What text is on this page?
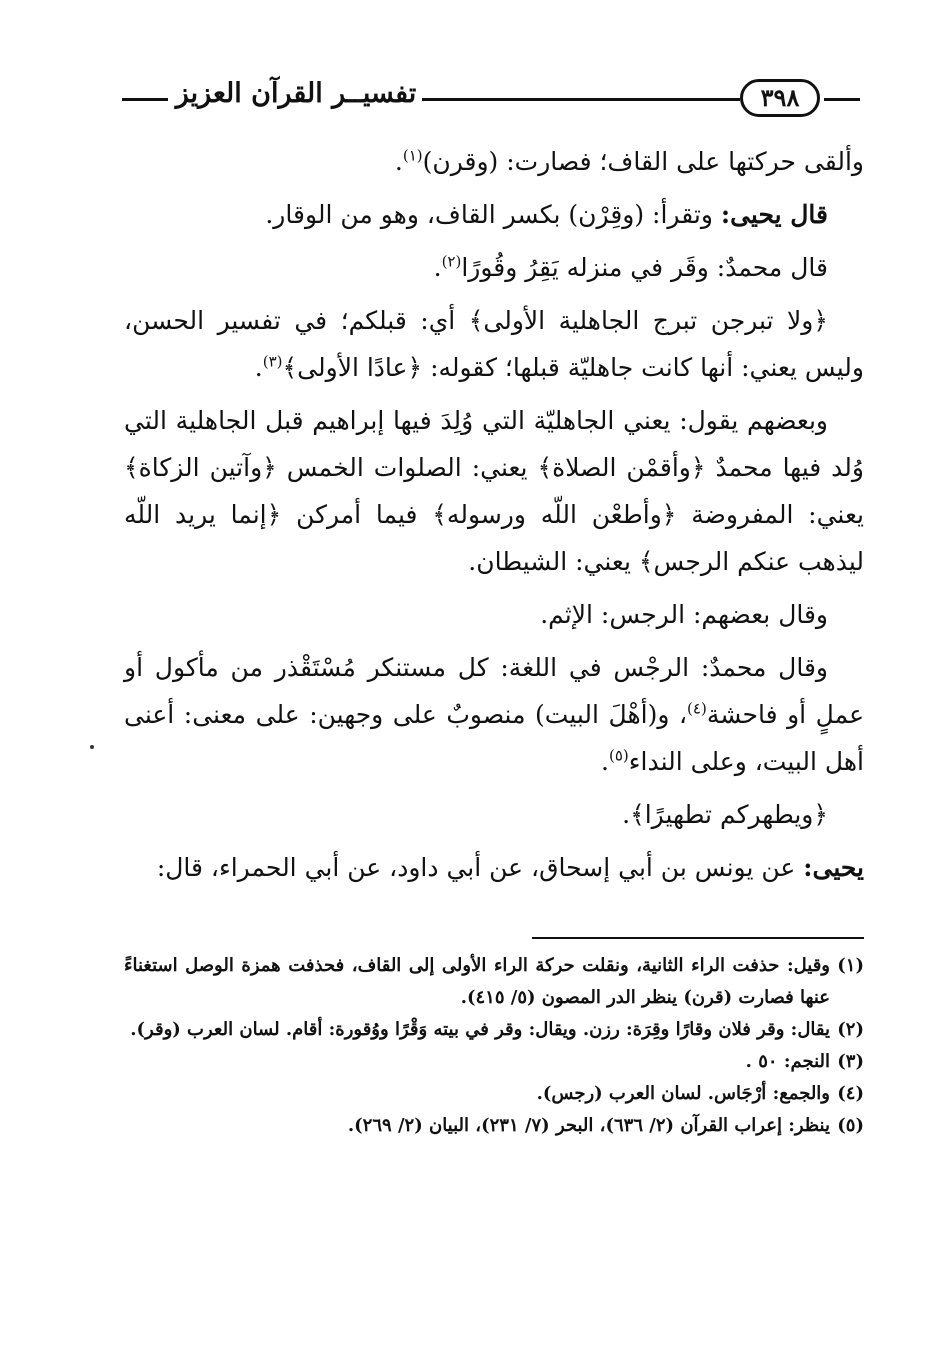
تفسيــر القرآن العزيز	٣٩٨

وألقى حركتها على القاف؛ فصارت: (وقرن)$^{(١)}$.

قال يحيى: وتقرأ: (وقِرْن) بكسر القاف، وهو من الوقار.

قال محمدٌ: وقَر في منزله يَقِرُ وقُورًا$^{(٢)}$.

﴿ولا تبرجن تبرج الجاهلية الأولى﴾ أي: قبلكم؛ في تفسير الحسن، وليس يعني: أنها كانت جاهليّة قبلها؛ كقوله: ﴿عادًا الأولى﴾$^{(٣)}$.

وبعضهم يقول: يعني الجاهليّة التي وُلِدَ فيها إبراهيم قبل الجاهلية التي وُلد فيها محمدٌ ﴿وأقمْن الصلاة﴾ يعني: الصلوات الخمس ﴿وآتين الزكاة﴾ يعني: المفروضة ﴿وأطعْن اللّه ورسوله﴾ فيما أمركن ﴿إنما يريد اللّه ليذهب عنكم الرجس﴾ يعني: الشيطان.

وقال بعضهم: الرجس: الإثم.

وقال محمدٌ: الرجْس في اللغة: كل مستنكر مُسْتَقْذر من مأكول أو عملٍ أو فاحشة$^{(٤)}$، و(أهْلَ البيت) منصوبٌ على وجهين: على معنى: أعنى أهل البيت، وعلى النداء$^{(٥)}$.

﴿ويطهركم تطهيرًا﴾.

يحيى: عن يونس بن أبي إسحاق، عن أبي داود، عن أبي الحمراء، قال:

(١)
وقيل: حذفت الراء الثانية، ونقلت حركة الراء الأولى إلى القاف، فحذفت همزة الوصل استغناءً عنها فصارت (قرن) ينظر الدر المصون (٥/ ٤١٥).
(٢)
يقال: وقر فلان وقارًا وقِرَة: رزن. ويقال: وقر في بيته وَقْرًا ووُقورة: أقام. لسان العرب (وقر).
(٣)
النجم: ٥٠ .
(٤)
والجمع: أرْجَاس. لسان العرب (رجس).
(٥)
ينظر: إعراب القرآن (٢/ ٦٣٦)، البحر (٧/ ٢٣١)، البيان (٢/ ٢٦٩).
